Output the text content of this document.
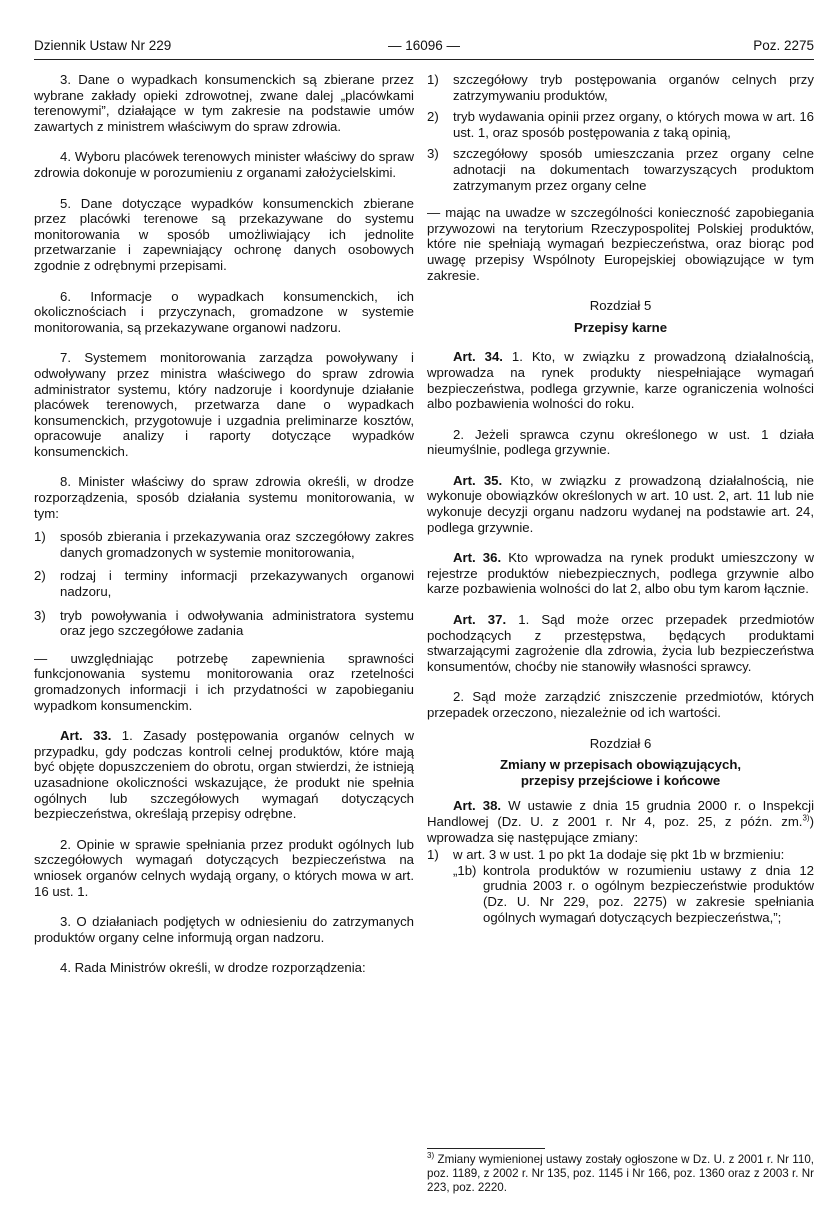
Dziennik Ustaw Nr 229	— 16096 —	Poz. 2275

3. Dane o wypadkach konsumenckich są zbierane przez wybrane zakłady opieki zdrowotnej, zwane dalej „placówkami terenowymi”, działające w tym zakresie na podstawie umów zawartych z ministrem właściwym do spraw zdrowia.

4. Wyboru placówek terenowych minister właściwy do spraw zdrowia dokonuje w porozumieniu z organami założycielskimi.

5. Dane dotyczące wypadków konsumenckich zbierane przez placówki terenowe są przekazywane do systemu monitorowania w sposób umożliwiający ich jednolite przetwarzanie i zapewniający ochronę danych osobowych zgodnie z odrębnymi przepisami.

6. Informacje o wypadkach konsumenckich, ich okolicznościach i przyczynach, gromadzone w systemie monitorowania, są przekazywane organowi nadzoru.

7. Systemem monitorowania zarządza powoływany i odwoływany przez ministra właściwego do spraw zdrowia administrator systemu, który nadzoruje i koordynuje działanie placówek terenowych, przetwarza dane o wypadkach konsumenckich, przygotowuje i uzgadnia preliminarze kosztów, opracowuje analizy i raporty dotyczące wypadków konsumenckich.

8. Minister właściwy do spraw zdrowia określi, w drodze rozporządzenia, sposób działania systemu monitorowania, w tym:

1) sposób zbierania i przekazywania oraz szczegółowy zakres danych gromadzonych w systemie monitorowania,
2) rodzaj i terminy informacji przekazywanych organowi nadzoru,
3) tryb powoływania i odwoływania administratora systemu oraz jego szczegółowe zadania

— uwzględniając potrzebę zapewnienia sprawności funkcjonowania systemu monitorowania oraz rzetelności gromadzonych informacji i ich przydatności w zapobieganiu wypadkom konsumenckim.

Art. 33. 1. Zasady postępowania organów celnych w przypadku, gdy podczas kontroli celnej produktów, które mają być objęte dopuszczeniem do obrotu, organ stwierdzi, że istnieją uzasadnione okoliczności wskazujące, że produkt nie spełnia ogólnych lub szczegółowych wymagań dotyczących bezpieczeństwa, określają przepisy odrębne.

2. Opinie w sprawie spełniania przez produkt ogólnych lub szczegółowych wymagań dotyczących bezpieczeństwa na wniosek organów celnych wydają organy, o których mowa w art. 16 ust. 1.

3. O działaniach podjętych w odniesieniu do zatrzymanych produktów organy celne informują organ nadzoru.

4. Rada Ministrów określi, w drodze rozporządzenia:

1) szczegółowy tryb postępowania organów celnych przy zatrzymywaniu produktów,
2) tryb wydawania opinii przez organy, o których mowa w art. 16 ust. 1, oraz sposób postępowania z taką opinią,
3) szczegółowy sposób umieszczania przez organy celne adnotacji na dokumentach towarzyszących produktom zatrzymanym przez organy celne

— mając na uwadze w szczególności konieczność zapobiegania przywozowi na terytorium Rzeczypospolitej Polskiej produktów, które nie spełniają wymagań bezpieczeństwa, oraz biorąc pod uwagę przepisy Wspólnoty Europejskiej obowiązujące w tym zakresie.

Rozdział 5
Przepisy karne

Art. 34. 1. Kto, w związku z prowadzoną działalnością, wprowadza na rynek produkty niespełniające wymagań bezpieczeństwa, podlega grzywnie, karze ograniczenia wolności albo pozbawienia wolności do roku.

2. Jeżeli sprawca czynu określonego w ust. 1 działa nieumyślnie, podlega grzywnie.

Art. 35. Kto, w związku z prowadzoną działalnością, nie wykonuje obowiązków określonych w art. 10 ust. 2, art. 11 lub nie wykonuje decyzji organu nadzoru wydanej na podstawie art. 24, podlega grzywnie.

Art. 36. Kto wprowadza na rynek produkt umieszczony w rejestrze produktów niebezpiecznych, podlega grzywnie albo karze pozbawienia wolności do lat 2, albo obu tym karom łącznie.

Art. 37. 1. Sąd może orzec przepadek przedmiotów pochodzących z przestępstwa, będących produktami stwarzającymi zagrożenie dla zdrowia, życia lub bezpieczeństwa konsumentów, choćby nie stanowiły własności sprawcy.

2. Sąd może zarządzić zniszczenie przedmiotów, których przepadek orzeczono, niezależnie od ich wartości.

Rozdział 6
Zmiany w przepisach obowiązujących,
przepisy przejściowe i końcowe

Art. 38. W ustawie z dnia 15 grudnia 2000 r. o Inspekcji Handlowej (Dz. U. z 2001 r. Nr 4, poz. 25, z późn. zm.$^{3)}$) wprowadza się następujące zmiany:

1) w art. 3 w ust. 1 po pkt 1a dodaje się pkt 1b w brzmieniu:
„1b) kontrola produktów w rozumieniu ustawy z dnia 12 grudnia 2003 r. o ogólnym bezpieczeństwie produktów (Dz. U. Nr 229, poz. 2275) w zakresie spełniania ogólnych wymagań dotyczących bezpieczeństwa,”;
$^{3)}$ Zmiany wymienionej ustawy zostały ogłoszone w Dz. U. z 2001 r. Nr 110, poz. 1189, z 2002 r. Nr 135, poz. 1145 i Nr 166, poz. 1360 oraz z 2003 r. Nr 223, poz. 2220.
